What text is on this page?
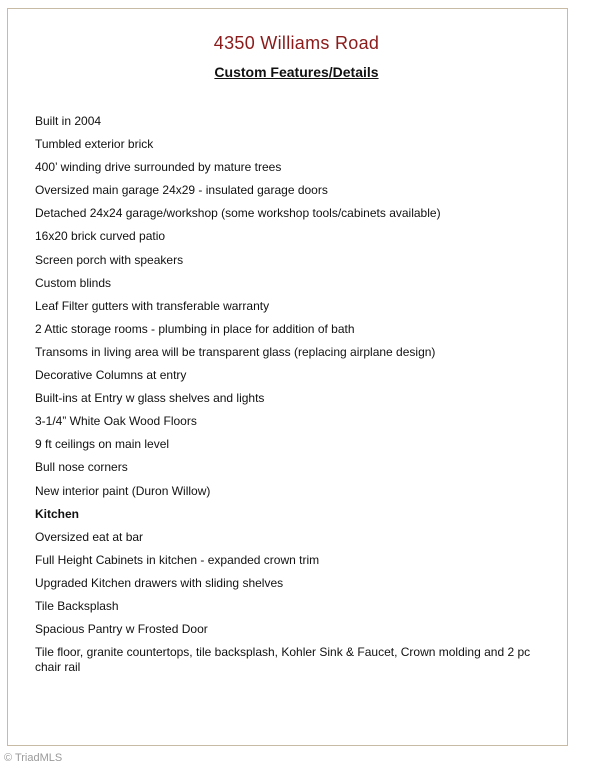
4350 Williams Road
Custom Features/Details
Built in 2004
Tumbled exterior brick
400’ winding drive surrounded by mature trees
Oversized main garage 24x29 - insulated garage doors
Detached 24x24 garage/workshop (some workshop tools/cabinets available)
16x20 brick curved patio
Screen porch with speakers
Custom blinds
Leaf Filter gutters with transferable warranty
2 Attic storage rooms - plumbing in place for addition of bath
Transoms in living area will be transparent glass (replacing airplane design)
Decorative Columns at entry
Built-ins at Entry w glass shelves and lights
3-1/4” White Oak Wood Floors
9 ft ceilings on main level
Bull nose corners
New interior paint (Duron Willow)
Kitchen
Oversized eat at bar
Full Height Cabinets in kitchen - expanded crown trim
Upgraded Kitchen drawers with sliding shelves
Tile Backsplash
Spacious Pantry w Frosted Door
Tile floor, granite countertops, tile backsplash, Kohler Sink & Faucet, Crown molding and 2 pc chair rail
© TriadMLS
